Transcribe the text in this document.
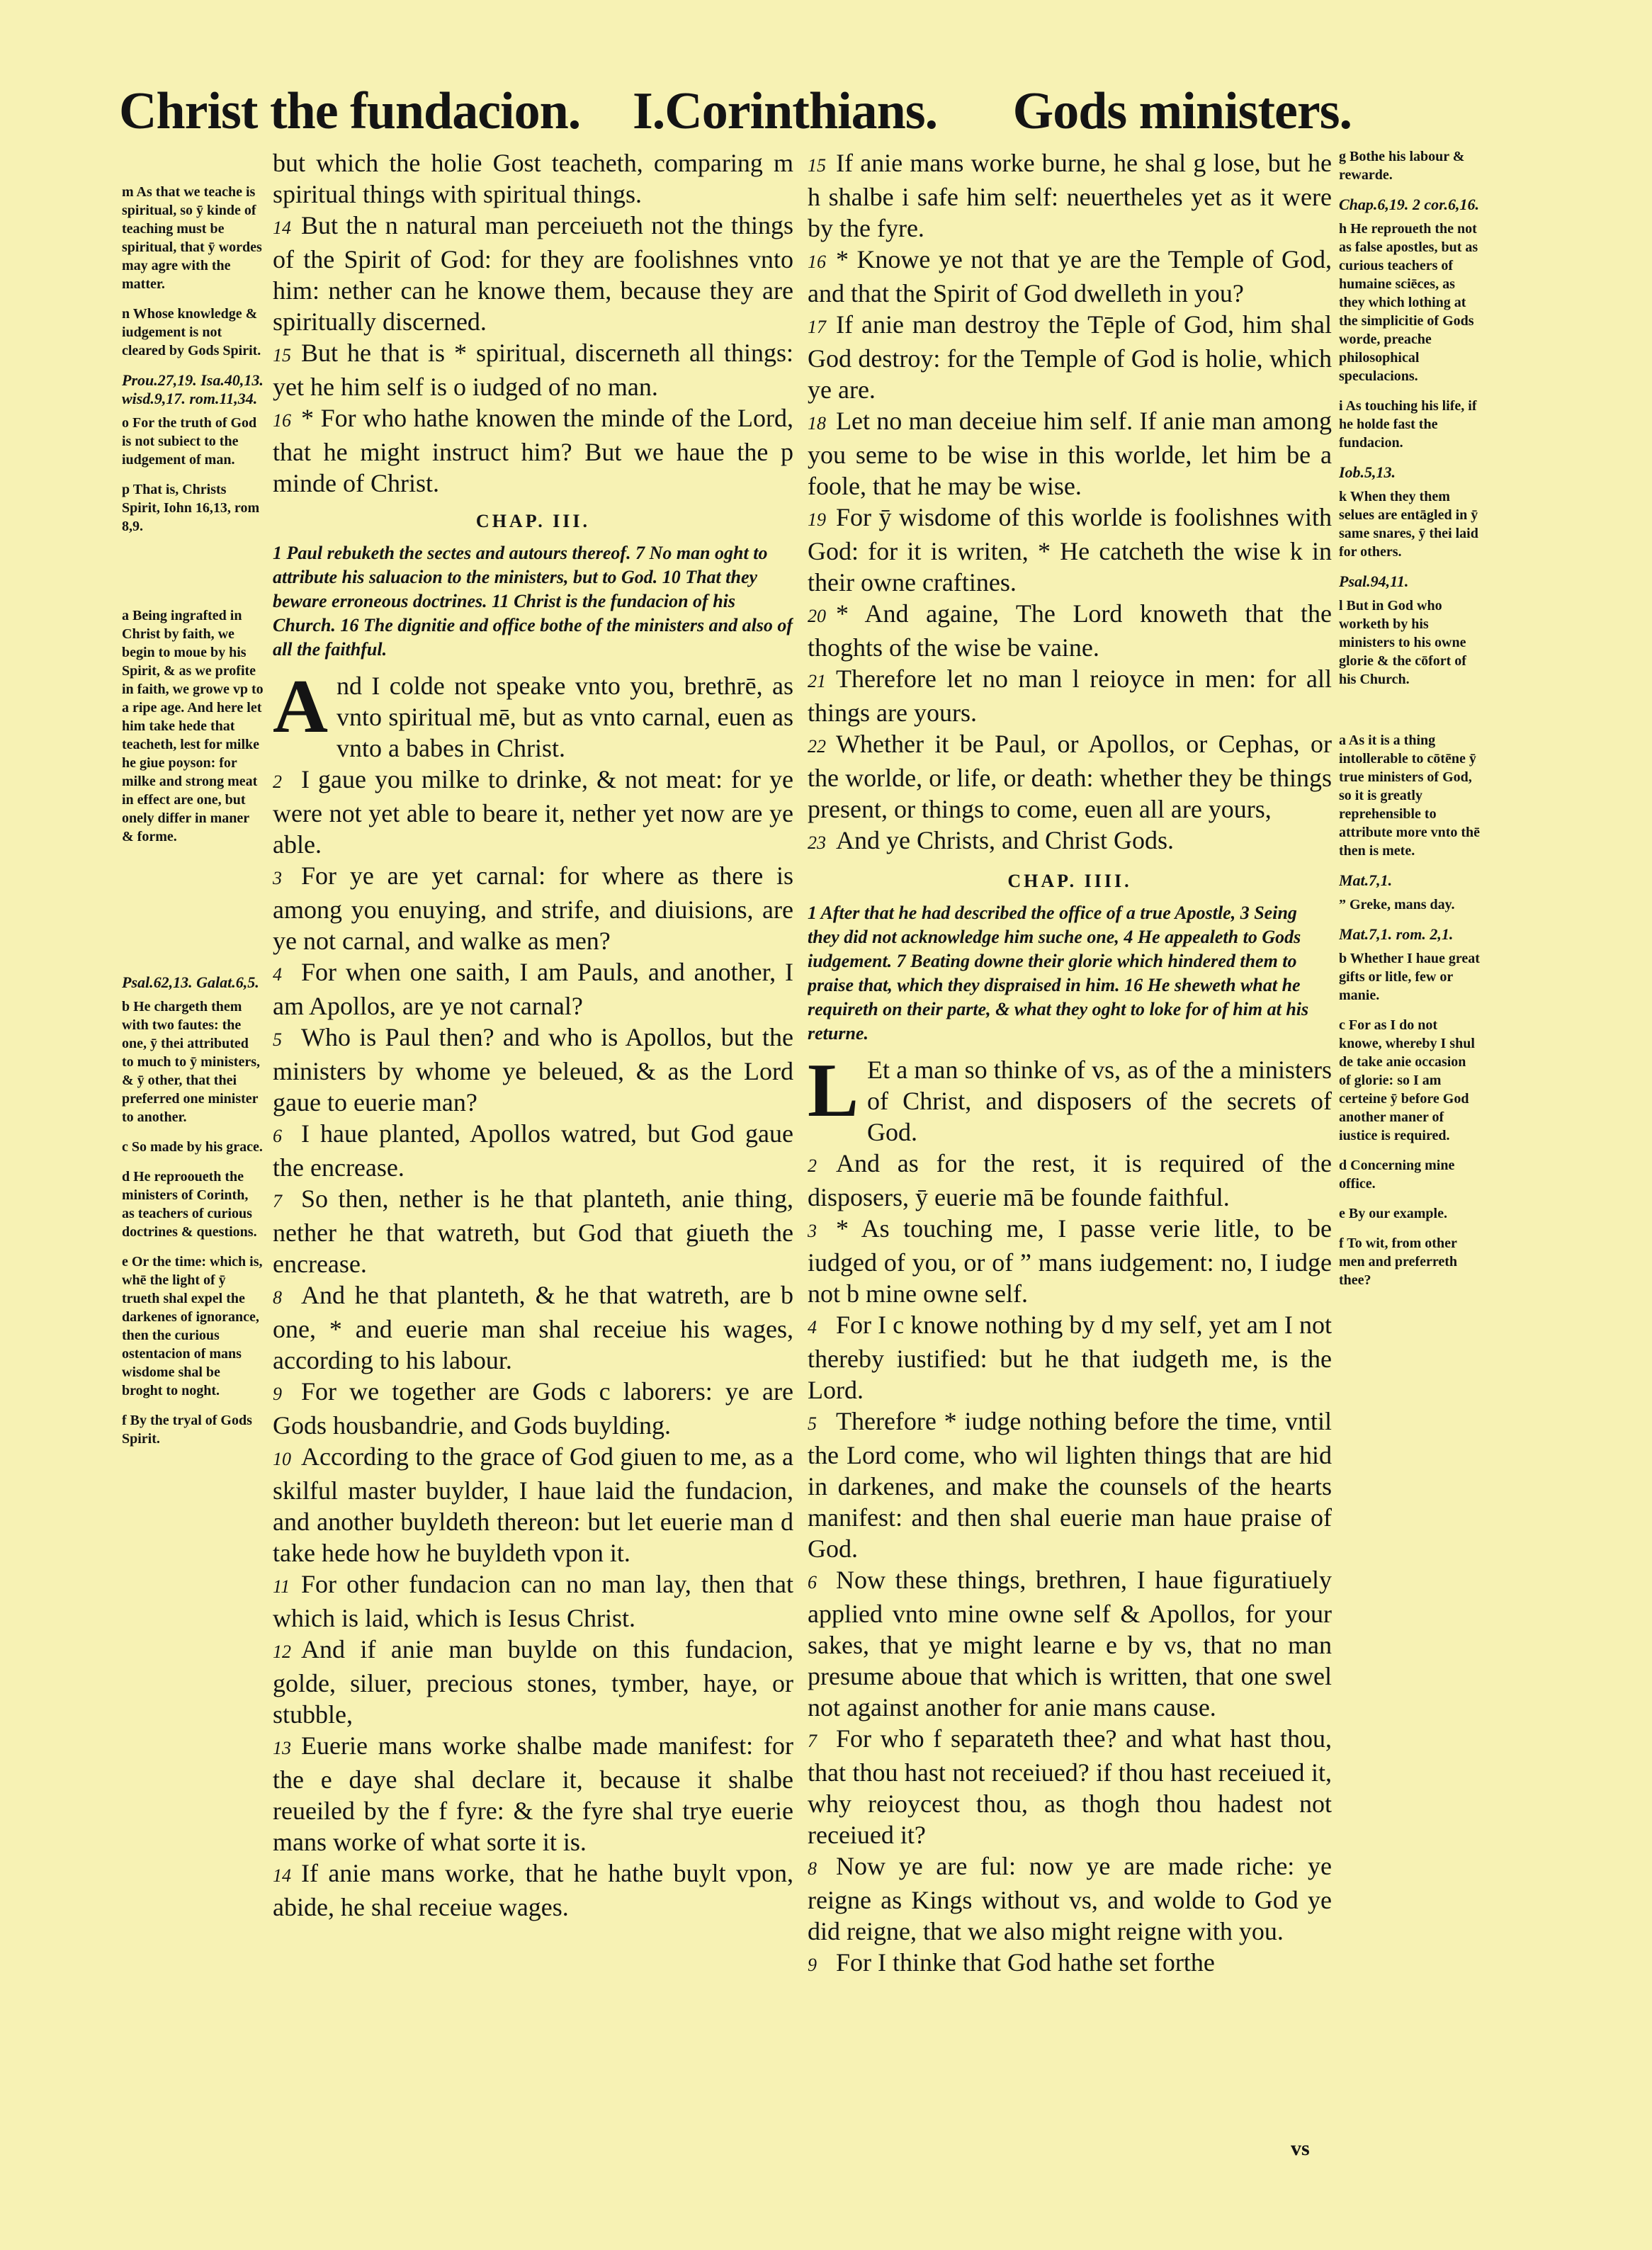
Christ the fundacion. I.Corinthians. Gods ministers.

m As that we teache is spiritual, so ȳ kinde of teaching must be spiritual, that ȳ wordes may agre with the matter.

n Whose knowledge & iudgement is not cleared by Gods Spirit.

Prou.27,19. Isa.40,13. wisd.9,17. rom.11,34.

o For the truth of God is not subiect to the iudgement of man.

p That is, Christs Spirit, Iohn 16,13, rom 8,9.

a Being ingrafted in Christ by faith, we begin to moue by his Spirit, & as we profite in faith, we growe vp to a ripe age. And here let him take hede that teacheth, lest for milke he giue poyson: for milke and strong meat in effect are one, but onely differ in maner & forme.

Psal.62,13. Galat.6,5.

b He chargeth them with two fautes: the one, ȳ thei attributed to much to ȳ ministers, & ȳ other, that thei preferred one minister to another.

c So made by his grace.

d He reprooueth the ministers of Corinth, as teachers of curious doctrines & questions.

e Or the time: which is, whē the light of ȳ trueth shal expel the darkenes of ignorance, then the curious ostentacion of mans wisdome shal be broght to noght.

f By the tryal of Gods Spirit.

but which the holie Gost teacheth, comparing m spiritual things with spiritual things.

14 But the n natural man perceiueth not the things of the Spirit of God: for they are foolishnes vnto him: nether can he knowe them, because they are spiritually discerned.

15 But he that is * spiritual, discerneth all things: yet he him self is o iudged of no man.

16 * For who hathe knowen the minde of the Lord, that he might instruct him? But we haue the p minde of Christ.

CHAP. III.

1 Paul rebuketh the sectes and autours thereof. 7 No man oght to attribute his saluacion to the ministers, but to God. 10 That they beware erroneous doctrines. 11 Christ is the fundacion of his Church. 16 The dignitie and office bothe of the ministers and also of all the faithful.

And I colde not speake vnto you, brethrē, as vnto spiritual mē, but as vnto carnal, euen as vnto a babes in Christ.

2 I gaue you milke to drinke, & not meat: for ye were not yet able to beare it, nether yet now are ye able.

3 For ye are yet carnal: for where as there is among you enuying, and strife, and diuisions, are ye not carnal, and walke as men?

4 For when one saith, I am Pauls, and another, I am Apollos, are ye not carnal?

5 Who is Paul then? and who is Apollos, but the ministers by whome ye beleued, & as the Lord gaue to euerie man?

6 I haue planted, Apollos watred, but God gaue the encrease.

7 So then, nether is he that planteth, anie thing, nether he that watreth, but God that giueth the encrease.

8 And he that planteth, & he that watreth, are b one, * and euerie man shal receiue his wages, according to his labour.

9 For we together are Gods c laborers: ye are Gods housbandrie, and Gods buylding.

10 According to the grace of God giuen to me, as a skilful master buylder, I haue laid the fundacion, and another buyldeth thereon: but let euerie man d take hede how he buyldeth vpon it.

11 For other fundacion can no man lay, then that which is laid, which is Iesus Christ.

12 And if anie man buylde on this fundacion, golde, siluer, precious stones, tymber, haye, or stubble,

13 Euerie mans worke shalbe made manifest: for the e daye shal declare it, because it shalbe reueiled by the f fyre: & the fyre shal trye euerie mans worke of what sorte it is.

14 If anie mans worke, that he hathe buylt vpon, abide, he shal receiue wages.

15 If anie mans worke burne, he shal g lose, but he h shalbe i safe him self: neuertheles yet as it were by the fyre.

16 * Knowe ye not that ye are the Temple of God, and that the Spirit of God dwelleth in you?

17 If anie man destroy the Tēple of God, him shal God destroy: for the Temple of God is holie, which ye are.

18 Let no man deceiue him self. If anie man among you seme to be wise in this worlde, let him be a foole, that he may be wise.

19 For ȳ wisdome of this worlde is foolishnes with God: for it is writen, * He catcheth the wise k in their owne craftines.

20 * And againe, The Lord knoweth that the thoghts of the wise be vaine.

21 Therefore let no man l reioyce in men: for all things are yours.

22 Whether it be Paul, or Apollos, or Cephas, or the worlde, or life, or death: whether they be things present, or things to come, euen all are yours,

23 And ye Christs, and Christ Gods.

CHAP. IIII.

1 After that he had described the office of a true Apostle, 3 Seing they did not acknowledge him suche one, 4 He appealeth to Gods iudgement. 7 Beating downe their glorie which hindered them to praise that, which they dispraised in him. 16 He sheweth what he requireth on their parte, & what they oght to loke for of him at his returne.

L Et a man so thinke of vs, as of the a ministers of Christ, and disposers of the secrets of God.

2 And as for the rest, it is required of the disposers, ȳ euerie mā be founde faithful.

3 * As touching me, I passe verie litle, to be iudged of you, or of ” mans iudgement: no, I iudge not b mine owne self.

4 For I c knowe nothing by d my self, yet am I not thereby iustified: but he that iudgeth me, is the Lord.

5 Therefore * iudge nothing before the time, vntil the Lord come, who wil lighten things that are hid in darkenes, and make the counsels of the hearts manifest: and then shal euerie man haue praise of God.

6 Now these things, brethren, I haue figuratiuely applied vnto mine owne self & Apollos, for your sakes, that ye might learne e by vs, that no man presume aboue that which is written, that one swel not against another for anie mans cause.

7 For who f separateth thee? and what hast thou, that thou hast not receiued? if thou hast receiued it, why reioycest thou, as thogh thou hadest not receiued it?

8 Now ye are ful: now ye are made riche: ye reigne as Kings without vs, and wolde to God ye did reigne, that we also might reigne with you.

9 For I thinke that God hathe set forthe

g Bothe his labour & rewarde.

Chap.6,19. 2 cor.6,16.

h He reproueth the not as false apostles, but as curious teachers of humaine sciēces, as they which lothing at the simplicitie of Gods worde, preache philosophical speculacions.

i As touching his life, if he holde fast the fundacion.

Iob.5,13.

k When they them selues are entāgled in ȳ same snares, ȳ thei laid for others.

Psal.94,11.

l But in God who worketh by his ministers to his owne glorie & the cōfort of his Church.

a As it is a thing intollerable to cōtēne ȳ true ministers of God, so it is greatly reprehensible to attribute more vnto thē then is mete.

Mat.7,1.

” Greke, mans day.

Mat.7,1. rom. 2,1.

b Whether I haue great gifts or litle, few or manie.

c For as I do not knowe, whereby I shul de take anie occasion of glorie: so I am certeine ȳ before God another maner of iustice is required.

d Concerning mine office.

e By our example.

f To wit, from other men and preferreth thee?

vs
